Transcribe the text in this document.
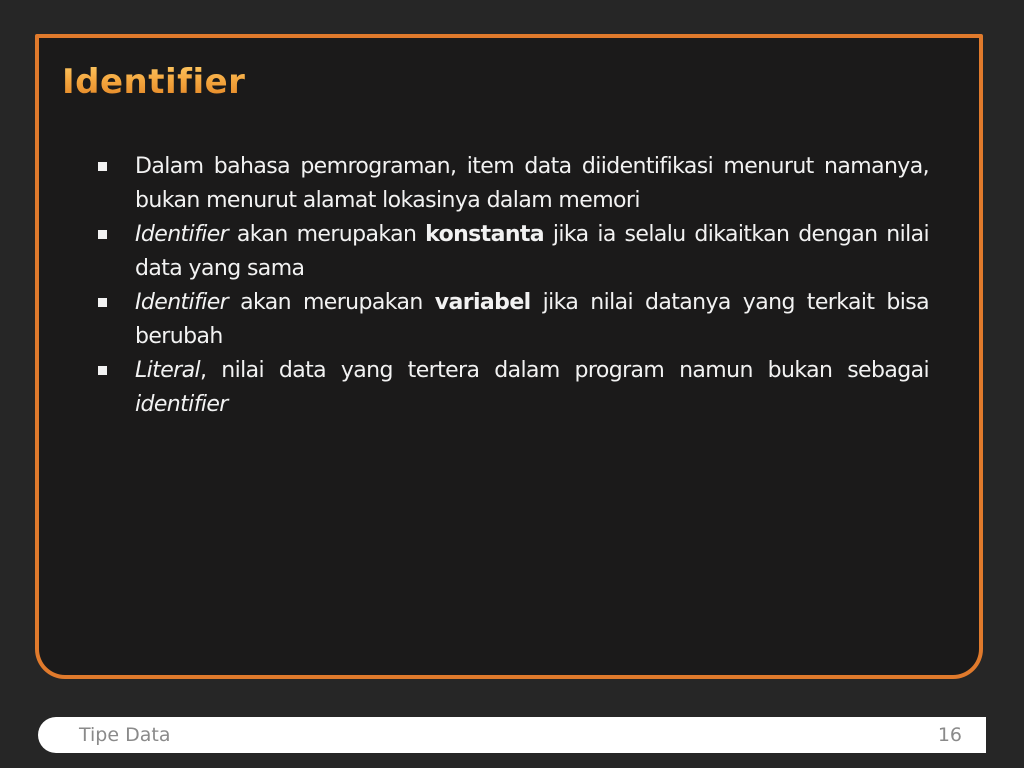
Identifier
Dalam bahasa pemrograman, item data diidentifikasi menurut namanya, bukan menurut alamat lokasinya dalam memori
Identifier akan merupakan konstanta jika ia selalu dikaitkan dengan nilai data yang sama
Identifier akan merupakan variabel jika nilai datanya yang terkait bisa berubah
Literal, nilai data yang tertera dalam program namun bukan sebagai identifier
Tipe Data	16
